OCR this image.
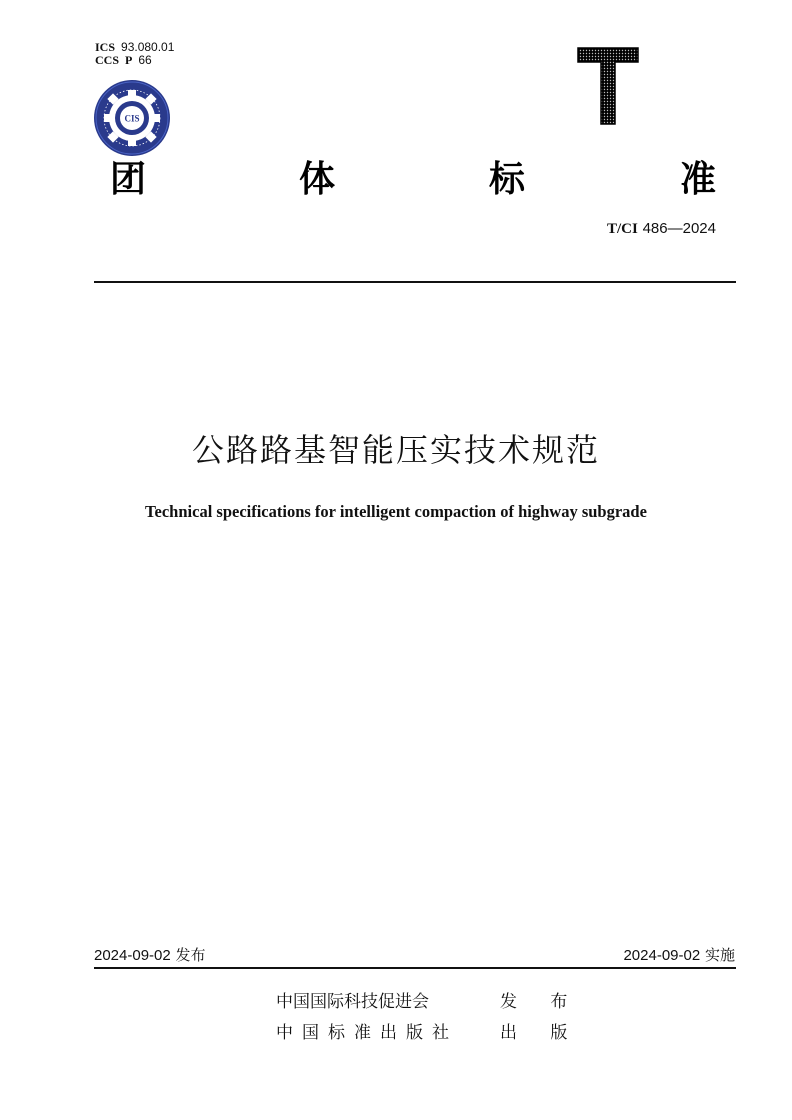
ICS 93.080.01
CCS P 66
CIS
团	体	标	准
T/CI 486—2024
公路路基智能压实技术规范
Technical specifications for intelligent compaction of highway subgrade
2024-09-02 发布	2024-09-02 实施
中国国际科技促进会	发 布
中国标准出版社 出 版
